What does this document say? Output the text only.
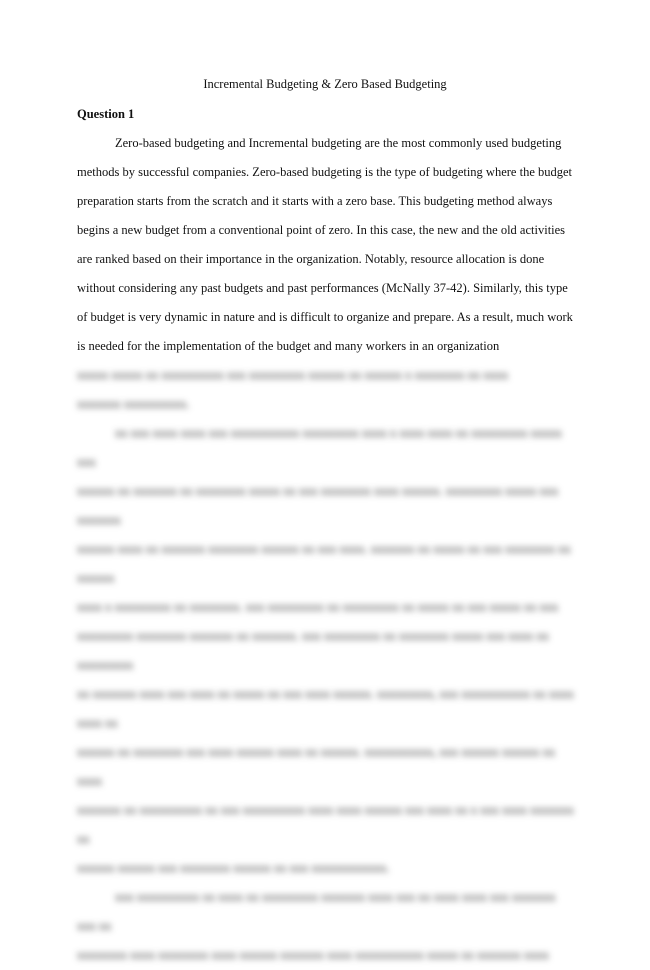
Incremental Budgeting & Zero Based Budgeting
Question 1

Zero-based budgeting and Incremental budgeting are the most commonly used budgeting methods by successful companies. Zero-based budgeting is the type of budgeting where the budget preparation starts from the scratch and it starts with a zero base. This budgeting method always begins a new budget from a conventional point of zero. In this case, the new and the old activities are ranked based on their importance in the organization. Notably, resource allocation is done without considering any past budgets and past performances (McNally 37-42). Similarly, this type of budget is very dynamic in nature and is difficult to organize and prepare. As a result, much work is needed for the implementation of the budget and many workers in an organization

xxxxx xxxxx xx xxxxxxxxxx xxx xxxxxxxxx xxxxxx xx xxxxxx x xxxxxxxx xx xxxx

xxxxxxx xxxxxxxxxx.

xx xxx xxxx xxxx xxx xxxxxxxxxxx xxxxxxxxx xxxx x xxxx xxxx xx xxxxxxxxx xxxxx xxx

xxxxxx xx xxxxxxx xx xxxxxxxx xxxxx xx xxx xxxxxxxx xxxx xxxxxx. xxxxxxxxx xxxxx xxx xxxxxxx

xxxxxx xxxx xx xxxxxxx xxxxxxxx xxxxxx xx xxx xxxx. xxxxxxx xx xxxxx xx xxx xxxxxxxx xx xxxxxx

xxxx x xxxxxxxxx xx xxxxxxxx. xxx xxxxxxxxx xx xxxxxxxxx xx xxxxx xx xxx xxxxx xx xxx

xxxxxxxxx xxxxxxxx xxxxxxx xx xxxxxxx. xxx xxxxxxxxx xx xxxxxxxx xxxxx xxx xxxx xx xxxxxxxxx

xx xxxxxxx xxxx xxx xxxx xx xxxxx xx xxx xxxx xxxxxx. xxxxxxxxx, xxx xxxxxxxxxxx xx xxxx xxxx xx

xxxxxx xx xxxxxxxx xxx xxxx xxxxxx xxxx xx xxxxxx. xxxxxxxxxxx, xxx xxxxxx xxxxxx xx xxxx

xxxxxxx xx xxxxxxxxxx xx xxx xxxxxxxxxx xxxx xxxx xxxxxx xxx xxxx xx x xxx xxxx xxxxxxx xx

xxxxxx xxxxxx xxx xxxxxxxx xxxxxx xx xxx xxxxxxxxxxxx.

xxx xxxxxxxxxx xx xxxx xx xxxxxxxxx xxxxxxx xxxx xxx xx xxxx xxxx xxx xxxxxxx xxx xx

xxxxxxxx xxxx xxxxxxxx xxxx xxxxxx xxxxxxx xxxx xxxxxxxxxxx xxxxx xx xxxxxxx xxxx
